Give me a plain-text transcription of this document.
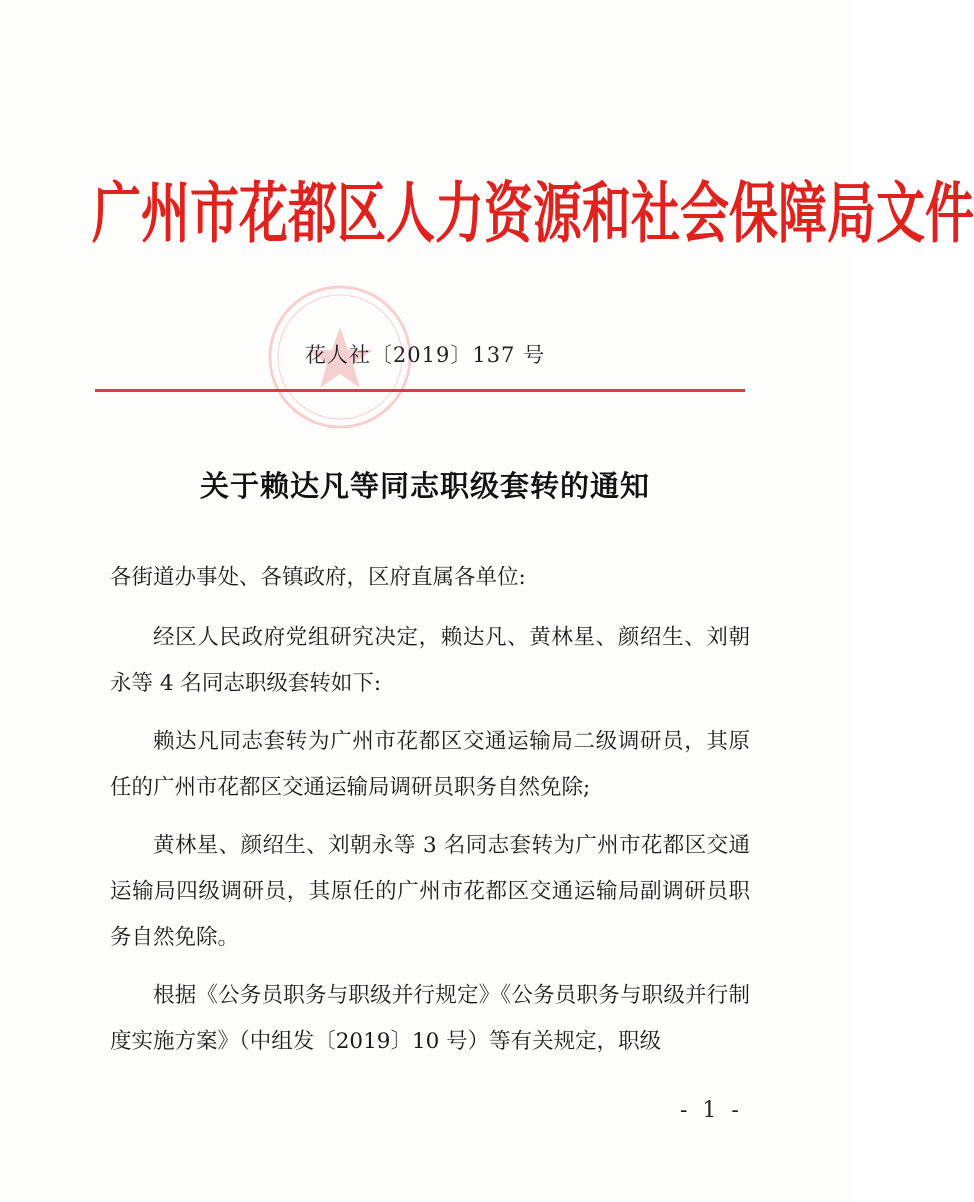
广州市花都区人力资源和社会保障局文件
花人社〔2019〕137 号
关于赖达凡等同志职级套转的通知

各街道办事处、各镇政府，区府直属各单位:

经区人民政府党组研究决定，赖达凡、黄林星、颜绍生、刘朝永等 4 名同志职级套转如下:

赖达凡同志套转为广州市花都区交通运输局二级调研员，其原任的广州市花都区交通运输局调研员职务自然免除;

黄林星、颜绍生、刘朝永等 3 名同志套转为广州市花都区交通运输局四级调研员，其原任的广州市花都区交通运输局副调研员职务自然免除。

根据《公务员职务与职级并行规定》《公务员职务与职级并行制度实施方案》（中组发〔2019〕10 号）等有关规定，职级

- 1 -
